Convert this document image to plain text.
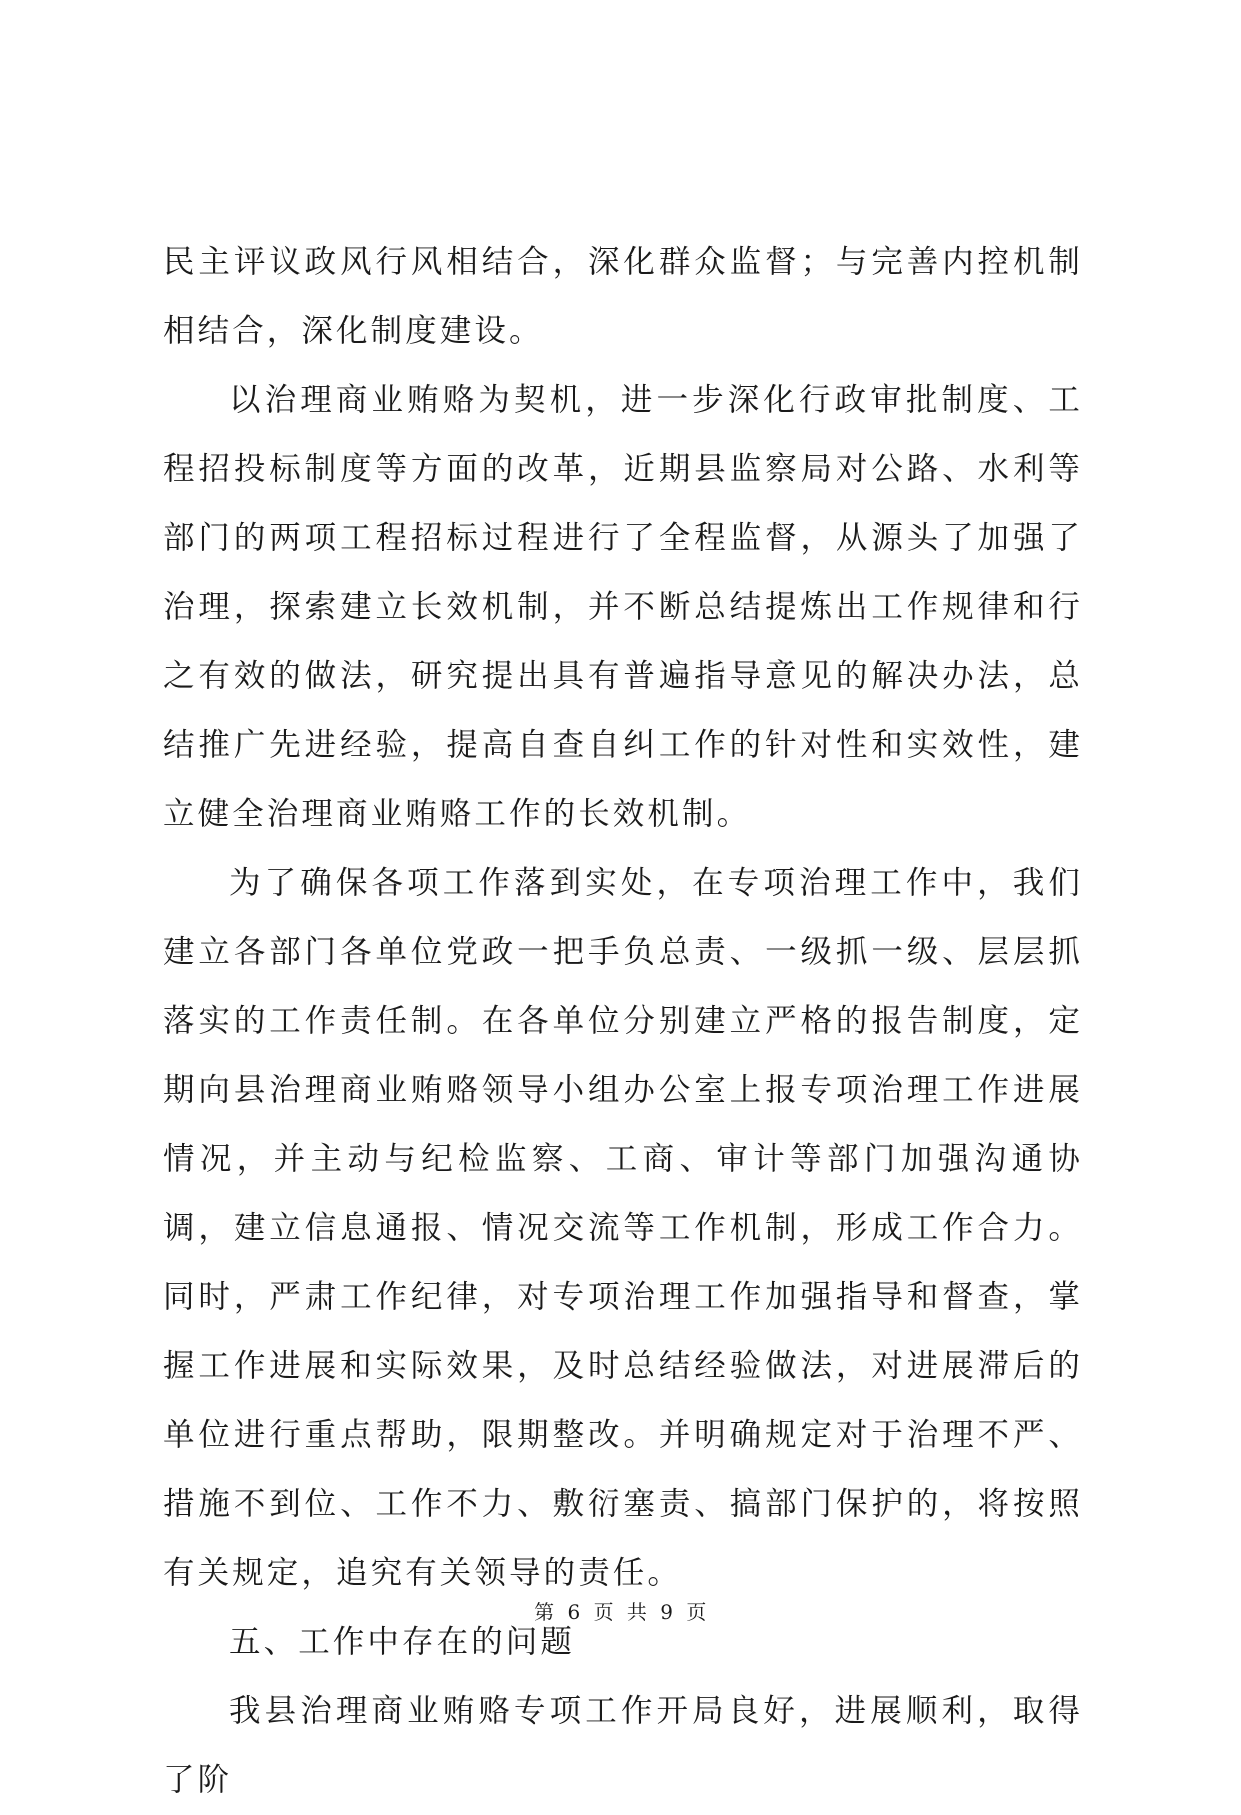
民主评议政风行风相结合，深化群众监督；与完善内控机制相结合，深化制度建设。

以治理商业贿赂为契机，进一步深化行政审批制度、工程招投标制度等方面的改革，近期县监察局对公路、水利等部门的两项工程招标过程进行了全程监督，从源头了加强了治理，探索建立长效机制，并不断总结提炼出工作规律和行之有效的做法，研究提出具有普遍指导意见的解决办法，总结推广先进经验，提高自查自纠工作的针对性和实效性，建立健全治理商业贿赂工作的长效机制。

为了确保各项工作落到实处，在专项治理工作中，我们建立各部门各单位党政一把手负总责、一级抓一级、层层抓落实的工作责任制。在各单位分别建立严格的报告制度，定期向县治理商业贿赂领导小组办公室上报专项治理工作进展情况，并主动与纪检监察、工商、审计等部门加强沟通协调，建立信息通报、情况交流等工作机制，形成工作合力。同时，严肃工作纪律，对专项治理工作加强指导和督查，掌握工作进展和实际效果，及时总结经验做法，对进展滞后的单位进行重点帮助，限期整改。并明确规定对于治理不严、措施不到位、工作不力、敷衍塞责、搞部门保护的，将按照有关规定，追究有关领导的责任。

五、工作中存在的问题

我县治理商业贿赂专项工作开局良好，进展顺利，取得了阶

第 6 页 共 9 页
